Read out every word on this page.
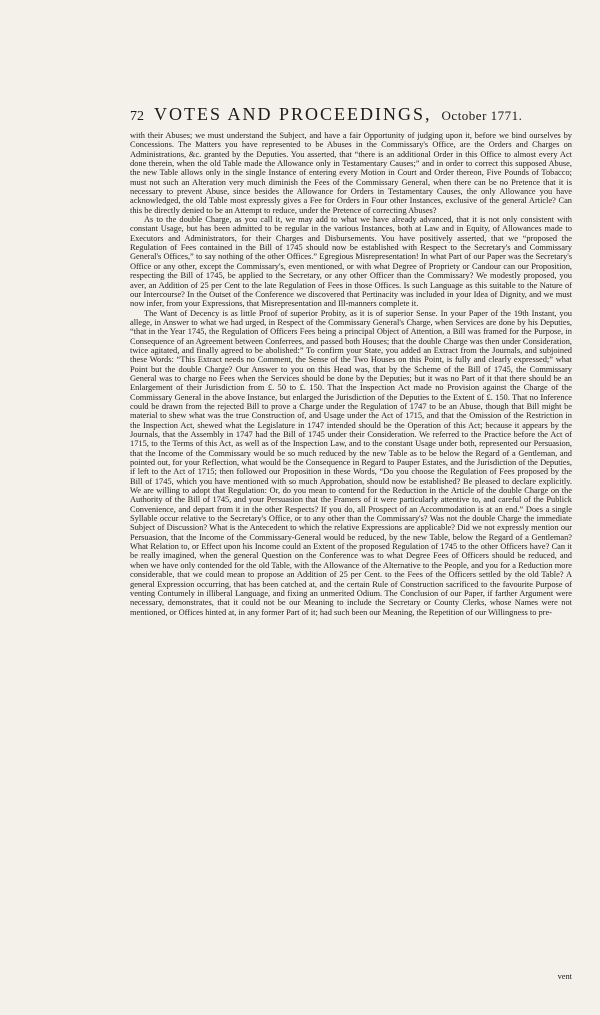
72 VOTES AND PROCEEDINGS, October 1771.

with their Abuses; we must understand the Subject, and have a fair Opportunity of judging upon it, before we bind ourselves by Concessions. The Matters you have represented to be Abuses in the Commissary's Office, are the Orders and Charges on Administrations, &c. granted by the Deputies. You asserted, that “there is an additional Order in this Office to almost every Act done therein, when the old Table made the Allowance only in Testamentary Causes;” and in order to correct this supposed Abuse, the new Table allows only in the single Instance of entering every Motion in Court and Order thereon, Five Pounds of Tobacco; must not such an Alteration very much diminish the Fees of the Commissary General, when there can be no Pretence that it is necessary to prevent Abuse, since besides the Allowance for Orders in Testamentary Causes, the only Allowance you have acknowledged, the old Table most expressly gives a Fee for Orders in Four other Instances, exclusive of the general Article? Can this be directly denied to be an Attempt to reduce, under the Pretence of correcting Abuses?

As to the double Charge, as you call it, we may add to what we have already advanced, that it is not only consistent with constant Usage, but has been admitted to be regular in the various Instances, both at Law and in Equity, of Allowances made to Executors and Administrators, for their Charges and Disbursements. You have positively asserted, that we “proposed the Regulation of Fees contained in the Bill of 1745 should now be established with Respect to the Secretary's and Commissary General's Offices,” to say nothing of the other Offices.” Egregious Misrepresentation! In what Part of our Paper was the Secretary's Office or any other, except the Commissary's, even mentioned, or with what Degree of Propriety or Candour can our Proposition, respecting the Bill of 1745, be applied to the Secretary, or any other Officer than the Commissary? We modestly proposed, you aver, an Addition of 25 per Cent to the late Regulation of Fees in those Offices. Is such Language as this suitable to the Nature of our Intercourse? In the Outset of the Conference we discovered that Pertinacity was included in your Idea of Dignity, and we must now infer, from your Expressions, that Misrepresentation and Ill-manners complete it.

The Want of Decency is as little Proof of superior Probity, as it is of superior Sense. In your Paper of the 19th Instant, you allege, in Answer to what we had urged, in Respect of the Commissary General's Charge, when Services are done by his Deputies, “that in the Year 1745, the Regulation of Officers Fees being a principal Object of Attention, a Bill was framed for the Purpose, in Consequence of an Agreement between Conferrees, and passed both Houses; that the double Charge was then under Consideration, twice agitated, and finally agreed to be abolished:” To confirm your State, you added an Extract from the Journals, and subjoined these Words: “This Extract needs no Comment, the Sense of the Two Houses on this Point, is fully and clearly expressed;” what Point but the double Charge? Our Answer to you on this Head was, that by the Scheme of the Bill of 1745, the Commissary General was to charge no Fees when the Services should be done by the Deputies; but it was no Part of it that there should be an Enlargement of their Jurisdiction from £. 50 to £. 150. That the Inspection Act made no Provision against the Charge of the Commissary General in the above Instance, but enlarged the Jurisdiction of the Deputies to the Extent of £. 150. That no Inference could be drawn from the rejected Bill to prove a Charge under the Regulation of 1747 to be an Abuse, though that Bill might be material to shew what was the true Construction of, and Usage under the Act of 1715, and that the Omission of the Restriction in the Inspection Act, shewed what the Legislature in 1747 intended should be the Operation of this Act; because it appears by the Journals, that the Assembly in 1747 had the Bill of 1745 under their Consideration. We referred to the Practice before the Act of 1715, to the Terms of this Act, as well as of the Inspection Law, and to the constant Usage under both, represented our Persuasion, that the Income of the Commissary would be so much reduced by the new Table as to be below the Regard of a Gentleman, and pointed out, for your Reflection, what would be the Consequence in Regard to Pauper Estates, and the Jurisdiction of the Deputies, if left to the Act of 1715; then followed our Proposition in these Words, “Do you choose the Regulation of Fees proposed by the Bill of 1745, which you have mentioned with so much Approbation, should now be established? Be pleased to declare explicitly. We are willing to adopt that Regulation: Or, do you mean to contend for the Reduction in the Article of the double Charge on the Authority of the Bill of 1745, and your Persuasion that the Framers of it were particularly attentive to, and careful of the Publick Convenience, and depart from it in the other Respects? If you do, all Prospect of an Accommodation is at an end.” Does a single Syllable occur relative to the Secretary's Office, or to any other than the Commissary's? Was not the double Charge the immediate Subject of Discussion? What is the Antecedent to which the relative Expressions are applicable? Did we not expressly mention our Persuasion, that the Income of the Commissary-General would be reduced, by the new Table, below the Regard of a Gentleman? What Relation to, or Effect upon his Income could an Extent of the proposed Regulation of 1745 to the other Officers have? Can it be really imagined, when the general Question on the Conference was to what Degree Fees of Officers should be reduced, and when we have only contended for the old Table, with the Allowance of the Alternative to the People, and you for a Reduction more considerable, that we could mean to propose an Addition of 25 per Cent. to the Fees of the Officers settled by the old Table? A general Expression occurring, that has been catched at, and the certain Rule of Construction sacrificed to the favourite Purpose of venting Contumely in illiberal Language, and fixing an unmerited Odium. The Conclusion of our Paper, if farther Argument were necessary, demonstrates, that it could not be our Meaning to include the Secretary or County Clerks, whose Names were not mentioned, or Offices hinted at, in any former Part of it; had such been our Meaning, the Repetition of our Willingness to pre-

vent
